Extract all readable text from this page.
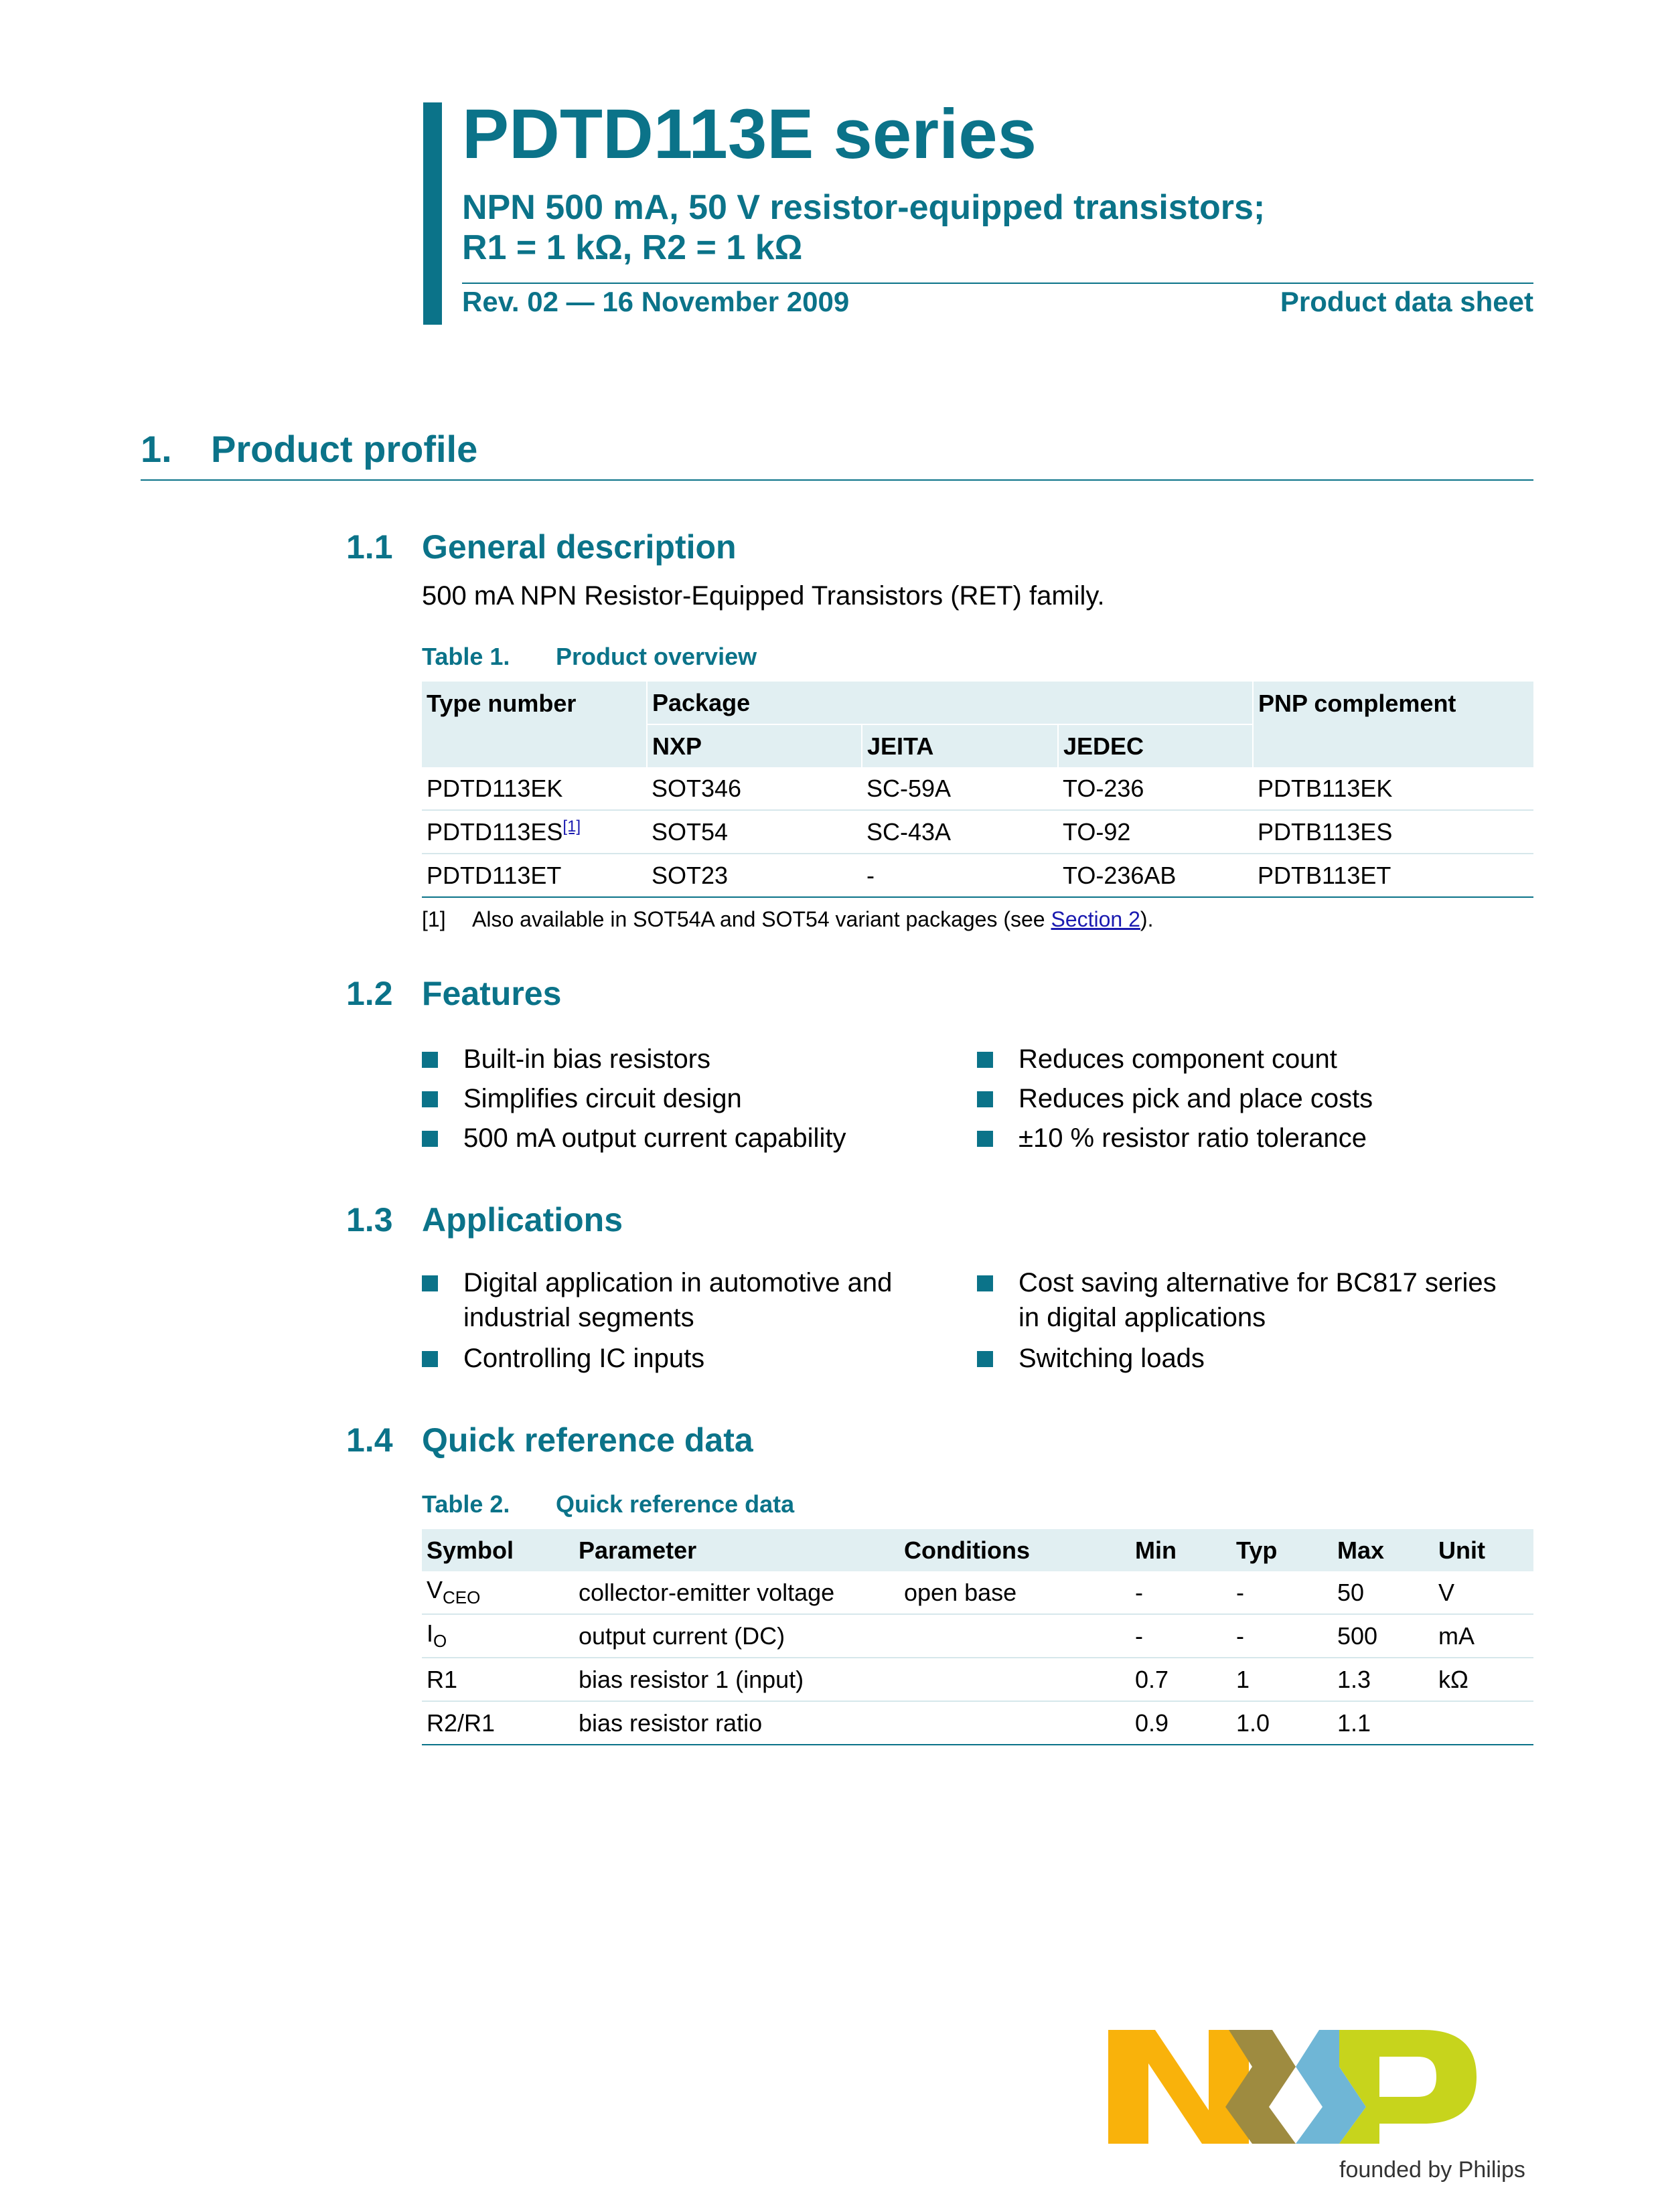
PDTD113E series
NPN 500 mA, 50 V resistor-equipped transistors;
R1 = 1 kΩ, R2 = 1 kΩ
Rev. 02 — 16 November 2009	Product data sheet
1. Product profile
1.1 General description
500 mA NPN Resistor-Equipped Transistors (RET) family.
Table 1. Product overview
Type number	Package			PNP complement
	NXP	JEITA	JEDEC	
PDTD113EK	SOT346	SC-59A	TO-236	PDTB113EK
PDTD113ES[1]	SOT54	SC-43A	TO-92	PDTB113ES
PDTD113ET	SOT23	-	TO-236AB	PDTB113ET
[1] Also available in SOT54A and SOT54 variant packages (see Section 2).
1.2 Features
Built-in bias resistors
Simplifies circuit design
500 mA output current capability
Reduces component count
Reduces pick and place costs
±10 % resistor ratio tolerance
1.3 Applications
Digital application in automotive and
industrial segments
Controlling IC inputs
Cost saving alternative for BC817 series
in digital applications
Switching loads
1.4 Quick reference data
Table 2. Quick reference data
Symbol	Parameter	Conditions	Min	Typ	Max	Unit
$V_{CEO}$	collector-emitter voltage	open base	-	-	50	V
$I_O$	output current (DC)		-	-	500	mA
R1	bias resistor 1 (input)		0.7	1	1.3	kΩ
R2/R1	bias resistor ratio		0.9	1.0	1.1	
founded by Philips
